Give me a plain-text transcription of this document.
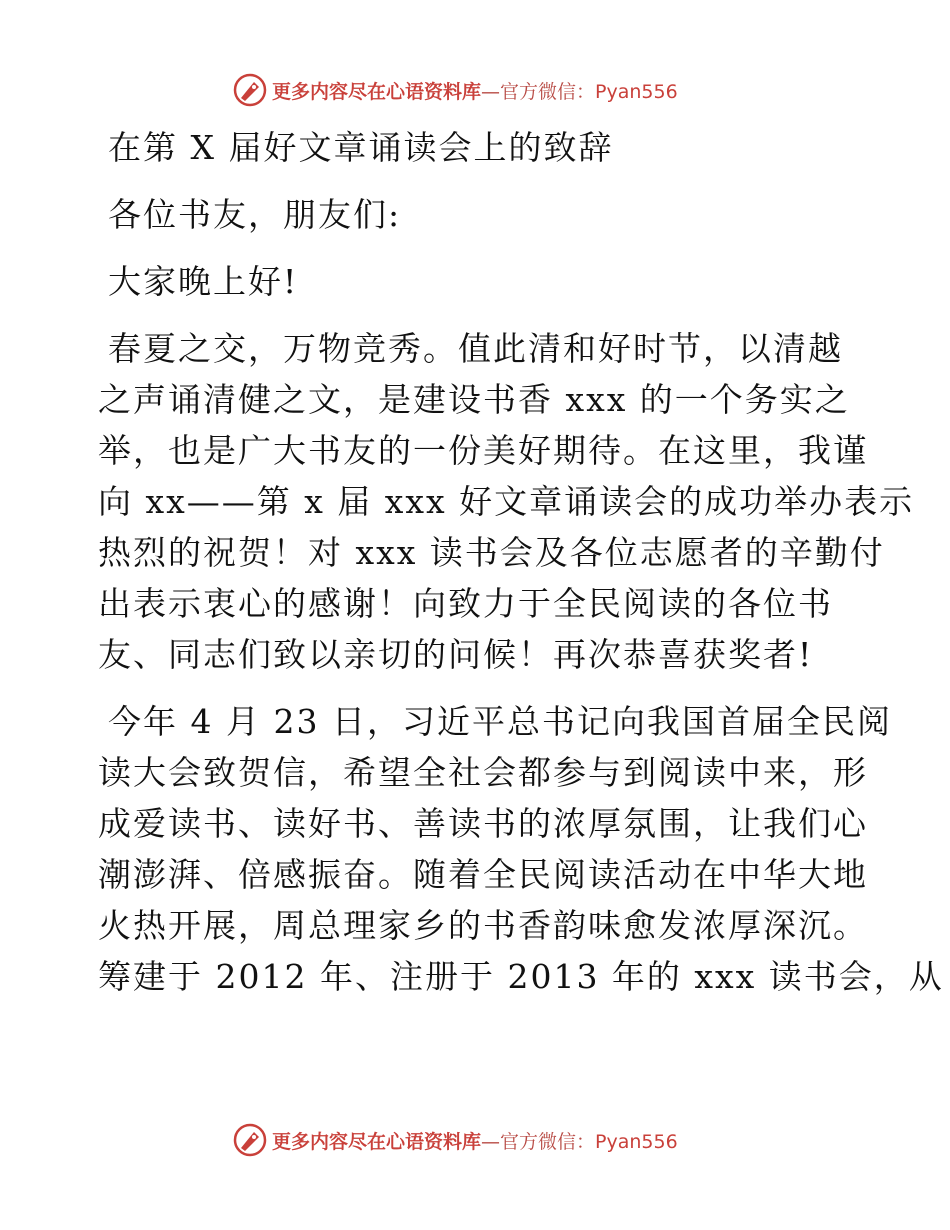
更多内容尽在心语资料库—官方微信：Pyan556
在第 X 届好文章诵读会上的致辞
各位书友，朋友们:
大家晚上好!
春夏之交，万物竞秀。值此清和好时节，以清越
之声诵清健之文，是建设书香 xxx 的一个务实之
举，也是广大书友的一份美好期待。在这里，我谨
向 xx——第 x 届 xxx 好文章诵读会的成功举办表示
热烈的祝贺！对 xxx 读书会及各位志愿者的辛勤付
出表示衷心的感谢！向致力于全民阅读的各位书
友、同志们致以亲切的问候！再次恭喜获奖者!
今年 4 月 23 日，习近平总书记向我国首届全民阅
读大会致贺信，希望全社会都参与到阅读中来，形
成爱读书、读好书、善读书的浓厚氛围，让我们心
潮澎湃、倍感振奋。随着全民阅读活动在中华大地
火热开展，周总理家乡的书香韵味愈发浓厚深沉。
筹建于 2012 年、注册于 2013 年的 xxx 读书会，从
更多内容尽在心语资料库—官方微信：Pyan556
